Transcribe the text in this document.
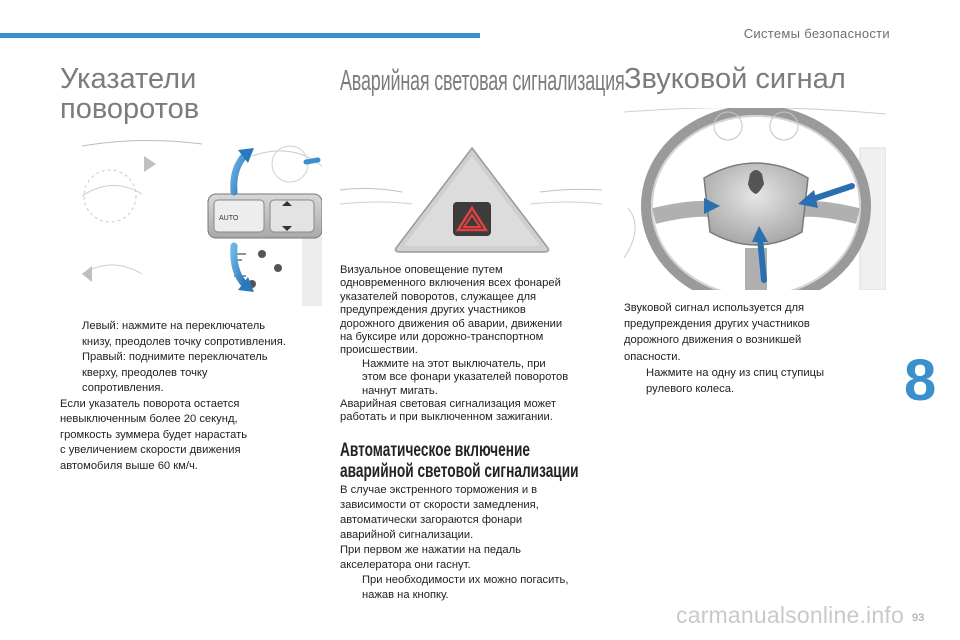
Системы безопасности
Указатели
поворотов
AUTO
Левый: нажмите на переключатель
книзу, преодолев точку сопротивления.
Правый: поднимите переключатель
кверху, преодолев точку
сопротивления.
Если указатель поворота остается
невыключенным более 20 секунд,
громкость зуммера будет нарастать
с увеличением скорости движения
автомобиля выше 60 км/ч.
Аварийная световая сигнализация
Визуальное оповещение путем
одновременного включения всех фонарей
указателей поворотов, служащее для
предупреждения других участников
дорожного движения об аварии, движении
на буксире или дорожно-транспортном
происшествии.
Нажмите на этот выключатель, при
этом все фонари указателей поворотов
начнут мигать.
Аварийная световая сигнализация может
работать и при выключенном зажигании.
Автоматическое включение
аварийной световой сигнализации
В случае экстренного торможения и в
зависимости от скорости замедления,
автоматически загораются фонари
аварийной сигнализации.
При первом же нажатии на педаль
акселератора они гаснут.
При необходимости их можно погасить,
нажав на кнопку.
Звуковой сигнал
Звуковой сигнал используется для
предупреждения других участников
дорожного движения о возникшей
опасности.
Нажмите на одну из спиц ступицы
рулевого колеса.	8
carmanualsonline.info 93
